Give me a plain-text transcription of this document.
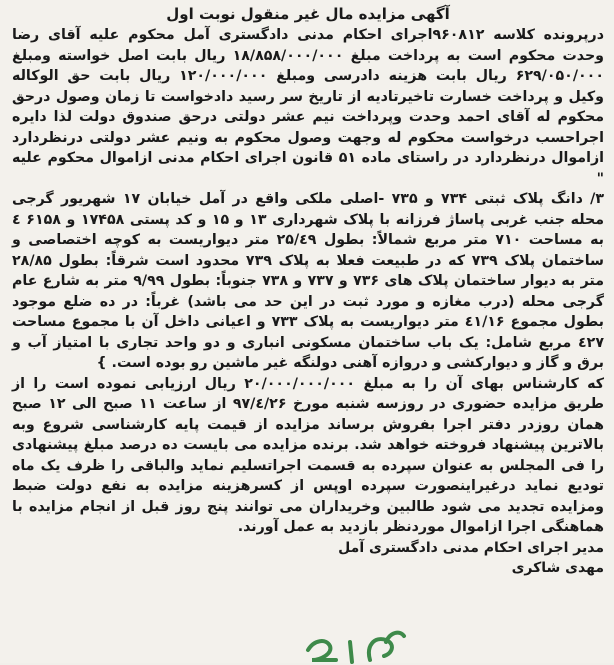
آگهی مزایده مال غیر منقول نوبت اول

درپرونده کلاسه ۹۶۰۸۱۲اجرای احکام مدنی دادگستری آمل محکوم علیه آقای رضا وحدت محکوم است به پرداخت مبلغ ۱۸/۸۵۸/۰۰۰/۰۰۰ ریال بابت اصل خواسته ومبلغ ۶۲۹/۰۵۰/۰۰۰ ریال بابت هزینه دادرسی ومبلغ ۱۲۰/۰۰۰/۰۰۰ ریال بابت حق الوکاله وکیل و پرداخت خسارت تاخیرتادیه از تاریخ سر رسید دادخواست تا زمان وصول درحق محکوم له آقای احمد وحدت وپرداخت نیم عشر دولتی درحق صندوق دولت لذا دایره اجراحسب درخواست محکوم له وجهت وصول محکوم به ونیم عشر دولتی درنظردارد ازاموال درنظردارد در راستای ماده ۵۱ قانون اجرای احکام مدنی ازاموال محکوم علیه "

۳/ دانگ پلاک ثبتی ۷۳۴ و ۷۳۵ -اصلی ملکی واقع در آمل خیابان ۱۷ شهریور گرجی محله جنب غربی پاساژ فرزانه با پلاک شهرداری ۱۳ و ۱۵ و کد پستی ۱۷۴۵۸ و ۶۱۵۸ ٤ به مساحت ۷۱۰ متر مربع شمالاً: بطول ۲۵/٤۹ متر دیواریست به کوچه اختصاصی و ساختمان پلاک ۷۳۹ که در طبیعت فعلا به پلاک ۷۳۹ محدود است شرقاً: بطول ۲۸/۸۵ متر به دیوار ساختمان پلاک های ۷۳۶ و ۷۳۷ و ۷۳۸ جنوباً: بطول ۹/۹۹ متر به شارع عام گرجی محله (درب مغازه و مورد ثبت در این حد می باشد) غرباً: در ده ضلع موجود بطول مجموع ٤۱/۱۶ متر دیواریست به پلاک ۷۳۳ و اعیانی داخل آن با مجموع مساحت ٤۲۷ مربع شامل: یک باب ساختمان مسکونی انباری و دو واحد تجاری با امتیاز آب و برق و گاز و دیوارکشی و دروازه آهنی دولنگه غیر ماشین رو بوده است. }

که کارشناس بهای آن را به مبلغ ۲۰/۰۰۰/۰۰۰/۰۰۰ ریال ارزیابی نموده است را از طریق مزایده حضوری در روزسه شنبه مورخ ۹۷/٤/۲۶ از ساعت ۱۱ صبح الی ۱۲ صبح همان روزدر دفتر اجرا بفروش برساند مزایده از قیمت پایه کارشناسی شروع وبه بالاترین پیشنهاد فروخته خواهد شد. برنده مزایده می بایست ده درصد مبلغ پیشنهادی را فی المجلس به عنوان سپرده به قسمت اجراتسلیم نماید والباقی را ظرف یک ماه تودیع نماید درغیراینصورت سپرده اوپس از کسرهزینه مزایده به نفع دولت ضبط ومزایده تجدید می شود طالبین وخریداران می توانند پنج روز قبل از انجام مزایده با هماهنگی اجرا ازاموال موردنظر بازدید به عمل آورند.

مدیر اجرای احکام مدنی دادگستری آمل
مهدی شاکری
